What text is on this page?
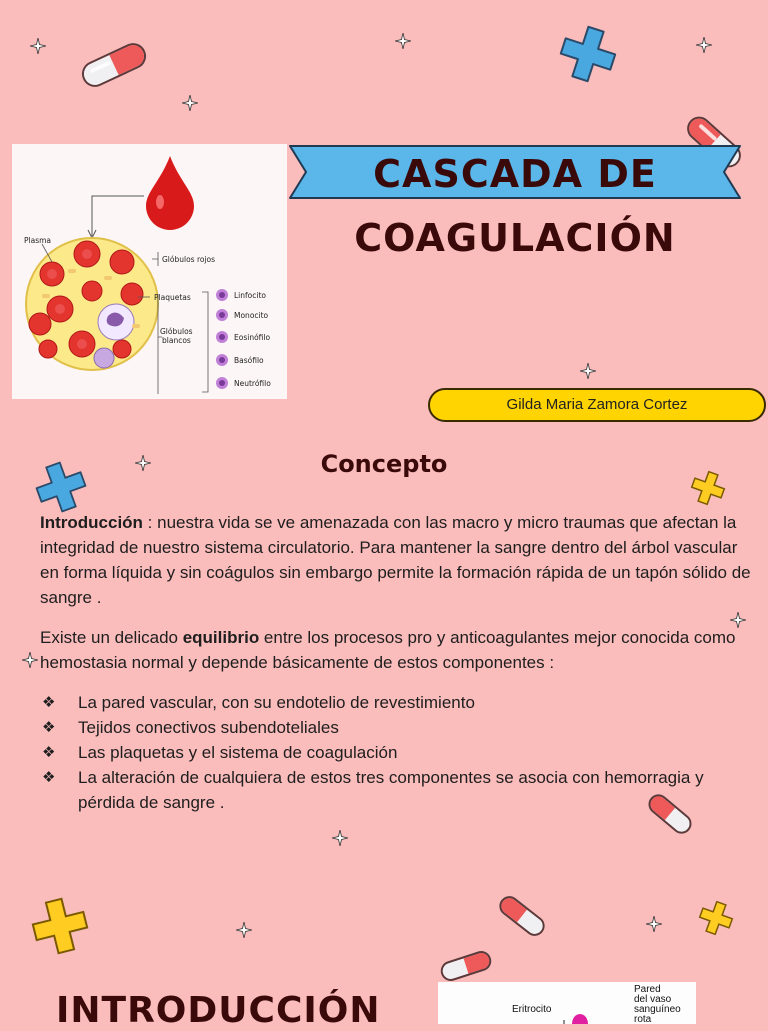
Plasma
Glóbulos rojos
Plaquetas
Glóbulos
blancos
Linfocito
Monocito
Eosinófilo
Basófilo
Neutrófilo
CASCADA DE
COAGULACIÓN
Gilda Maria Zamora Cortez
Concepto

Introducción : nuestra vida se ve amenazada con las macro y micro traumas que afectan la integridad de nuestro sistema circulatorio. Para mantener la sangre dentro del árbol vascular en forma líquida y sin coágulos sin embargo permite la formación rápida de un tapón sólido de sangre .

Existe un delicado equilibrio entre los procesos pro y anticoagulantes mejor conocida como hemostasia normal y depende básicamente de estos componentes :

❖ La pared vascular, con su endotelio de revestimiento
❖ Tejidos conectivos subendoteliales
❖ Las plaquetas y el sistema de coagulación
❖ La alteración de cualquiera de estos tres componentes se asocia con hemorragia y pérdida de sangre .
INTRODUCCIÓN	Eritrocito
Pared
del vaso
sanguíneo
rota
